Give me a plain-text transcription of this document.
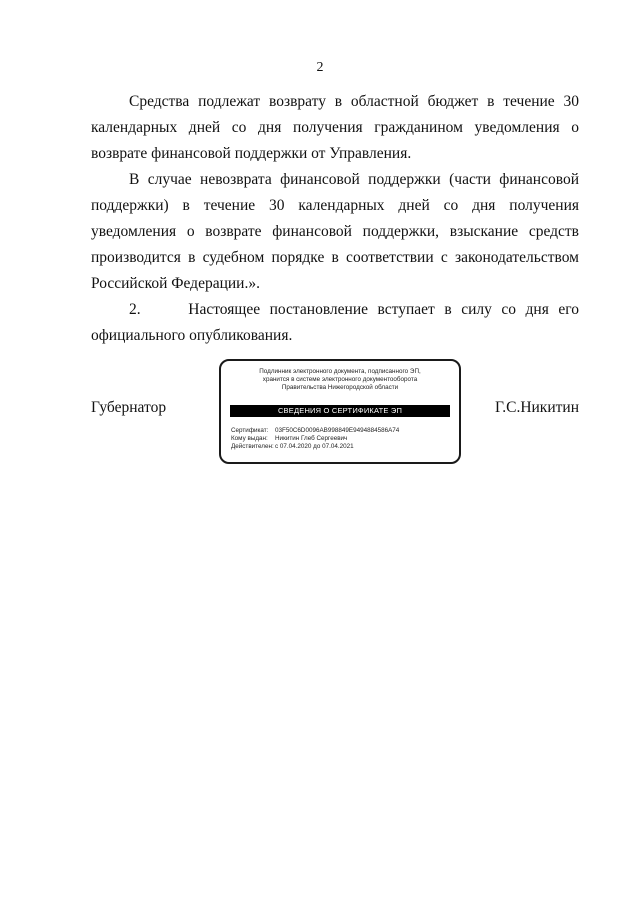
2

Средства подлежат возврату в областной бюджет в течение 30 календарных дней со дня получения гражданином уведомления о возврате финансовой поддержки от Управления.

В случае невозврата финансовой поддержки (части финансовой поддержки) в течение 30 календарных дней со дня получения уведомления о возврате финансовой поддержки, взыскание средств производится в судебном порядке в соответствии с законодательством Российской Федерации.».

2.     Настоящее постановление вступает в силу со дня его официального опубликования.

Губернатор
Подлинник электронного документа, подписанного ЭП,
хранится в системе электронного документооборота
Правительства Нижегородской области
СВЕДЕНИЯ О СЕРТИФИКАТЕ ЭП
Сертификат: 03F50C6D0096AB998849E9494884586A74
Кому выдан: Никитин Глеб Сергеевич
Действителен:с 07.04.2020 до 07.04.2021
Г.С.Никитин
